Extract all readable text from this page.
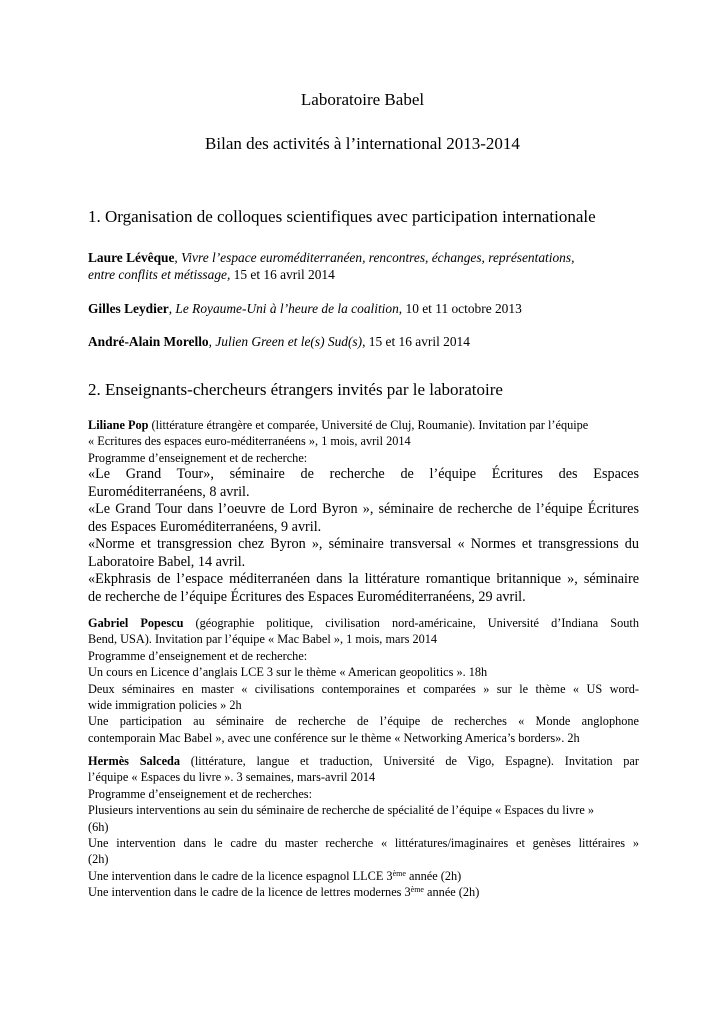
Laboratoire Babel
Bilan des activités à l’international 2013-2014
1. Organisation de colloques scientifiques avec participation internationale
Laure Lévêque, Vivre l’espace euroméditerranéen, rencontres, échanges, représentations,
entre conflits et métissage, 15 et 16 avril 2014
Gilles Leydier, Le Royaume-Uni à l’heure de la coalition, 10 et 11 octobre 2013
André-Alain Morello, Julien Green et le(s) Sud(s), 15 et 16 avril 2014
2. Enseignants-chercheurs étrangers invités par le laboratoire
Liliane Pop (littérature étrangère et comparée, Université de Cluj, Roumanie). Invitation par l’équipe
« Ecritures des espaces euro-méditerranéens », 1 mois, avril 2014
Programme d’enseignement et de recherche:
«Le Grand Tour», séminaire de recherche de l’équipe Écritures des Espaces
Euroméditerranéens, 8 avril.
«Le Grand Tour dans l’oeuvre de Lord Byron », séminaire de recherche de l’équipe Écritures
des Espaces Euroméditerranéens, 9 avril.
«Norme et transgression chez Byron », séminaire transversal « Normes et transgressions du
Laboratoire Babel, 14 avril.
«Ekphrasis de l’espace méditerranéen dans la littérature romantique britannique », séminaire
de recherche de l’équipe Écritures des Espaces Euroméditerranéens, 29 avril.
Gabriel Popescu (géographie politique, civilisation nord-américaine, Université d’Indiana South
Bend, USA). Invitation par l’équipe « Mac Babel », 1 mois, mars 2014
Programme d’enseignement et de recherche:
Un cours en Licence d’anglais LCE 3 sur le thème « American geopolitics ». 18h
Deux séminaires en master « civilisations contemporaines et comparées » sur le thème « US word-
wide immigration policies » 2h
Une participation au séminaire de recherche de l’équipe de recherches « Monde anglophone
contemporain Mac Babel », avec une conférence sur le thème « Networking America’s borders». 2h
Hermès Salceda (littérature, langue et traduction, Université de Vigo, Espagne). Invitation par
l’équipe « Espaces du livre ». 3 semaines, mars-avril 2014
Programme d’enseignement et de recherches:
Plusieurs interventions au sein du séminaire de recherche de spécialité de l’équipe « Espaces du livre »
(6h)
Une intervention dans le cadre du master recherche « littératures/imaginaires et genèses littéraires »
(2h)
Une intervention dans le cadre de la licence espagnol LLCE 3ème année (2h)
Une intervention dans le cadre de la licence de lettres modernes 3ème année (2h)
